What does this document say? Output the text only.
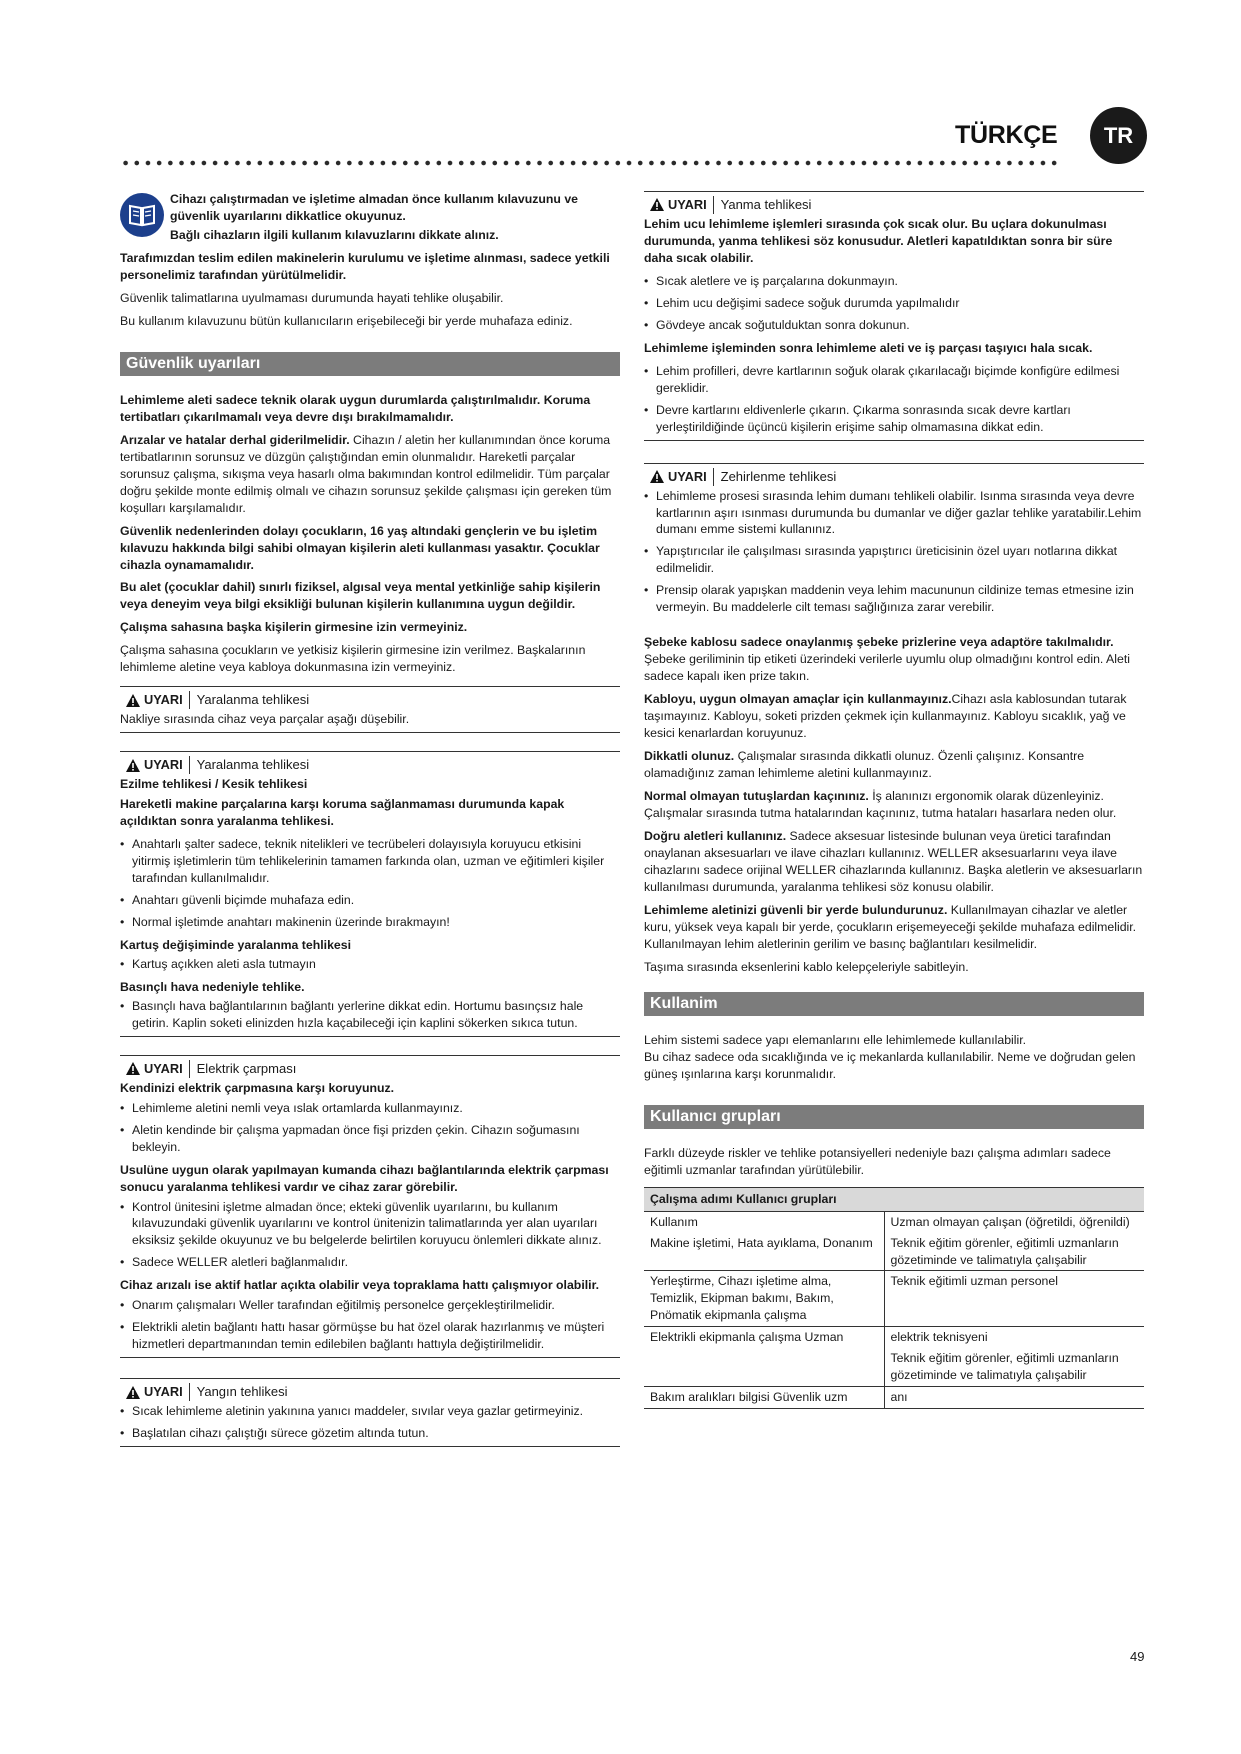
TÜRKÇE	TR

Cihazı çalıştırmadan ve işletime almadan önce kullanım kılavuzunu ve güvenlik uyarılarını dikkatlice okuyunuz.

Bağlı cihazların ilgili kullanım kılavuzlarını dikkate alınız.

Tarafımızdan teslim edilen makinelerin kurulumu ve işletime alınması, sadece yetkili personelimiz tarafından yürütülmelidir.

Güvenlik talimatlarına uyulmaması durumunda hayati tehlike oluşabilir.

Bu kullanım kılavuzunu bütün kullanıcıların erişebileceği bir yerde muhafaza ediniz.

Güvenlik uyarıları

Lehimleme aleti sadece teknik olarak uygun durumlarda çalıştırılmalıdır. Koruma tertibatları çıkarılmamalı veya devre dışı bırakılmamalıdır.

Arızalar ve hatalar derhal giderilmelidir. Cihazın / aletin her kullanımından önce koruma tertibatlarının sorunsuz ve düzgün çalıştığından emin olunmalıdır. Hareketli parçalar sorunsuz çalışma, sıkışma veya hasarlı olma bakımından kontrol edilmelidir. Tüm parçalar doğru şekilde monte edilmiş olmalı ve cihazın sorunsuz şekilde çalışması için gereken tüm koşulları karşılamalıdır.

Güvenlik nedenlerinden dolayı çocukların, 16 yaş altındaki gençlerin ve bu işletim kılavuzu hakkında bilgi sahibi olmayan kişilerin aleti kullanması yasaktır. Çocuklar cihazla oynamamalıdır.

Bu alet (çocuklar dahil) sınırlı fiziksel, algısal veya mental yetkinliğe sahip kişilerin veya deneyim veya bilgi eksikliği bulunan kişilerin kullanımına uygun değildir.

Çalışma sahasına başka kişilerin girmesine izin vermeyiniz.

Çalışma sahasına çocukların ve yetkisiz kişilerin girmesine izin verilmez. Başkalarının lehimleme aletine veya kabloya dokunmasına izin vermeyiniz.

UYARI	Yaralanma tehlikesi

Nakliye sırasında cihaz veya parçalar aşağı düşebilir.

UYARI	Yaralanma tehlikesi

Ezilme tehlikesi / Kesik tehlikesi

Hareketli makine parçalarına karşı koruma sağlanmaması durumunda kapak açıldıktan sonra yaralanma tehlikesi.

• Anahtarlı şalter sadece, teknik nitelikleri ve tecrübeleri dolayısıyla koruyucu etkisini yitirmiş işletimlerin tüm tehlikelerinin tamamen farkında olan, uzman ve eğitimleri kişiler tarafından kullanılmalıdır.
• Anahtarı güvenli biçimde muhafaza edin.
• Normal işletimde anahtarı makinenin üzerinde bırakmayın!

Kartuş değişiminde yaralanma tehlikesi

• Kartuş açıkken aleti asla tutmayın

Basınçlı hava nedeniyle tehlike.

• Basınçlı hava bağlantılarının bağlantı yerlerine dikkat edin. Hortumu basınçsız hale getirin. Kaplin soketi elinizden hızla kaçabileceği için kaplini sökerken sıkıca tutun.
UYARI	Elektrik çarpması

Kendinizi elektrik çarpmasına karşı koruyunuz.

• Lehimleme aletini nemli veya ıslak ortamlarda kullanmayınız.
• Aletin kendinde bir çalışma yapmadan önce fişi prizden çekin. Cihazın soğumasını bekleyin.

Usulüne uygun olarak yapılmayan kumanda cihazı bağlantılarında elektrik çarpması sonucu yaralanma tehlikesi vardır ve cihaz zarar görebilir.

• Kontrol ünitesini işletme almadan önce; ekteki güvenlik uyarılarını, bu kullanım kılavuzundaki güvenlik uyarılarını ve kontrol ünitenizin talimatlarında yer alan uyarıları eksiksiz şekilde okuyunuz ve bu belgelerde belirtilen koruyucu önlemleri dikkate alınız.
• Sadece WELLER aletleri bağlanmalıdır.

Cihaz arızalı ise aktif hatlar açıkta olabilir veya topraklama hattı çalışmıyor olabilir.

• Onarım çalışmaları Weller tarafından eğitilmiş personelce gerçekleştirilmelidir.
• Elektrikli aletin bağlantı hattı hasar görmüşse bu hat özel olarak hazırlanmış ve müşteri hizmetleri departmanından temin edilebilen bağlantı hattıyla değiştirilmelidir.
UYARI	Yangın tehlikesi
• Sıcak lehimleme aletinin yakınına yanıcı maddeler, sıvılar veya gazlar getirmeyiniz.
• Başlatılan cihazı çalıştığı sürece gözetim altında tutun.
UYARI	Yanma tehlikesi

Lehim ucu lehimleme işlemleri sırasında çok sıcak olur. Bu uçlara dokunulması durumunda, yanma tehlikesi söz konusudur. Aletleri kapatıldıktan sonra bir süre daha sıcak olabilir.

• Sıcak aletlere ve iş parçalarına dokunmayın.
• Lehim ucu değişimi sadece soğuk durumda yapılmalıdır
• Gövdeye ancak soğutulduktan sonra dokunun.

Lehimleme işleminden sonra lehimleme aleti ve iş parçası taşıyıcı hala sıcak.

• Lehim profilleri, devre kartlarının soğuk olarak çıkarılacağı biçimde konfigüre edilmesi gereklidir.
• Devre kartlarını eldivenlerle çıkarın. Çıkarma sonrasında sıcak devre kartları yerleştirildiğinde üçüncü kişilerin erişime sahip olmamasına dikkat edin.
UYARI	Zehirlenme tehlikesi
• Lehimleme prosesi sırasında lehim dumanı tehlikeli olabilir. Isınma sırasında veya devre kartlarının aşırı ısınması durumunda bu dumanlar ve diğer gazlar tehlike yaratabilir.Lehim dumanı emme sistemi kullanınız.
• Yapıştırıcılar ile çalışılması sırasında yapıştırıcı üreticisinin özel uyarı notlarına dikkat edilmelidir.
• Prensip olarak yapışkan maddenin veya lehim macununun cildinize temas etmesine izin vermeyin. Bu maddelerle cilt teması sağlığınıza zarar verebilir.

Şebeke kablosu sadece onaylanmış şebeke prizlerine veya adaptöre takılmalıdır. Şebeke geriliminin tip etiketi üzerindeki verilerle uyumlu olup olmadığını kontrol edin. Aleti sadece kapalı iken prize takın.

Kabloyu, uygun olmayan amaçlar için kullanmayınız.Cihazı asla kablosundan tutarak taşımayınız. Kabloyu, soketi prizden çekmek için kullanmayınız. Kabloyu sıcaklık, yağ ve kesici kenarlardan koruyunuz.

Dikkatli olunuz. Çalışmalar sırasında dikkatli olunuz. Özenli çalışınız. Konsantre olamadığınız zaman lehimleme aletini kullanmayınız.

Normal olmayan tutuşlardan kaçınınız. İş alanınızı ergonomik olarak düzenleyiniz. Çalışmalar sırasında tutma hatalarından kaçınınız, tutma hataları hasarlara neden olur.

Doğru aletleri kullanınız. Sadece aksesuar listesinde bulunan veya üretici tarafından onaylanan aksesuarları ve ilave cihazları kullanınız. WELLER aksesuarlarını veya ilave cihazlarını sadece orijinal WELLER cihazlarında kullanınız. Başka aletlerin ve aksesuarların kullanılması durumunda, yaralanma tehlikesi söz konusu olabilir.

Lehimleme aletinizi güvenli bir yerde bulundurunuz. Kullanılmayan cihazlar ve aletler kuru, yüksek veya kapalı bir yerde, çocukların erişemeyeceği şekilde muhafaza edilmelidir. Kullanılmayan lehim aletlerinin gerilim ve basınç bağlantıları kesilmelidir.

Taşıma sırasında eksenlerini kablo kelepçeleriyle sabitleyin.

Kullanim

Lehim sistemi sadece yapı elemanlarını elle lehimlemede kullanılabilir.

Bu cihaz sadece oda sıcaklığında ve iç mekanlarda kullanılabilir. Neme ve doğrudan gelen güneş ışınlarına karşı korunmalıdır.

Kullanıcı grupları

Farklı düzeyde riskler ve tehlike potansiyelleri nedeniyle bazı çalışma adımları sadece eğitimli uzmanlar tarafından yürütülebilir.

Çalışma adımı Kullanıcı grupları	
Kullanım	Uzman olmayan çalışan (öğretildi, öğrenildi)
Makine işletimi, Hata ayıklama, Donanım	Teknik eğitim görenler, eğitimli uzmanların gözetiminde ve talimatıyla çalışabilir
Yerleştirme, Cihazı işletime alma, Temizlik, Ekipman bakımı, Bakım, Pnömatik ekipmanla çalışma	Teknik eğitimli uzman personel
Elektrikli ekipmanla çalışma Uzman	elektrik teknisyeni
	Teknik eğitim görenler, eğitimli uzmanların gözetiminde ve talimatıyla çalışabilir
Bakım aralıkları bilgisi Güvenlik uzm	anı
49
